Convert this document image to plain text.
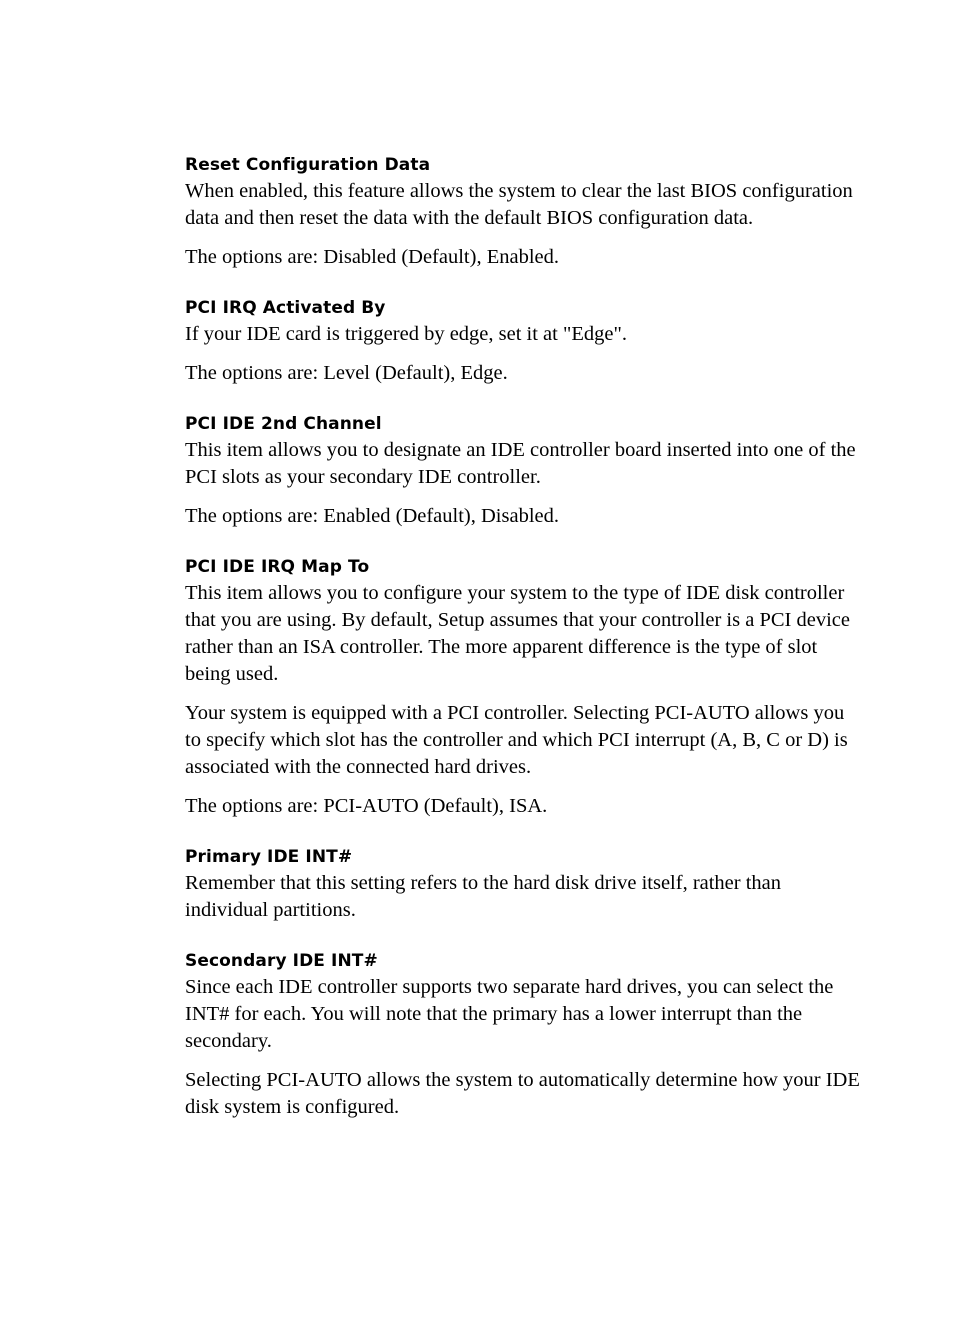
Reset Configuration Data

When enabled, this feature allows the system to clear the last BIOS configuration data and then reset the data with the default BIOS configuration data.

The options are: Disabled (Default), Enabled.

PCI IRQ Activated By

If your IDE card is triggered by edge, set it at "Edge".

The options are: Level (Default), Edge.

PCI IDE 2nd Channel

This item allows you to designate an IDE controller board inserted into one of the PCI slots as your secondary IDE controller.

The options are: Enabled (Default), Disabled.

PCI IDE IRQ Map To

This item allows you to configure your system to the type of IDE disk controller that you are using. By default, Setup assumes that your controller is a PCI device rather than an ISA controller. The more apparent difference is the type of slot being used.

Your system is equipped with a PCI controller. Selecting PCI-AUTO allows you to specify which slot has the controller and which PCI interrupt (A, B, C or D) is associated with the connected hard drives.

The options are: PCI-AUTO (Default), ISA.

Primary IDE INT#

Remember that this setting refers to the hard disk drive itself, rather than individual partitions.

Secondary IDE INT#

Since each IDE controller supports two separate hard drives, you can select the INT# for each. You will note that the primary has a lower interrupt than the secondary.

Selecting PCI-AUTO allows the system to automatically determine how your IDE disk system is configured.
